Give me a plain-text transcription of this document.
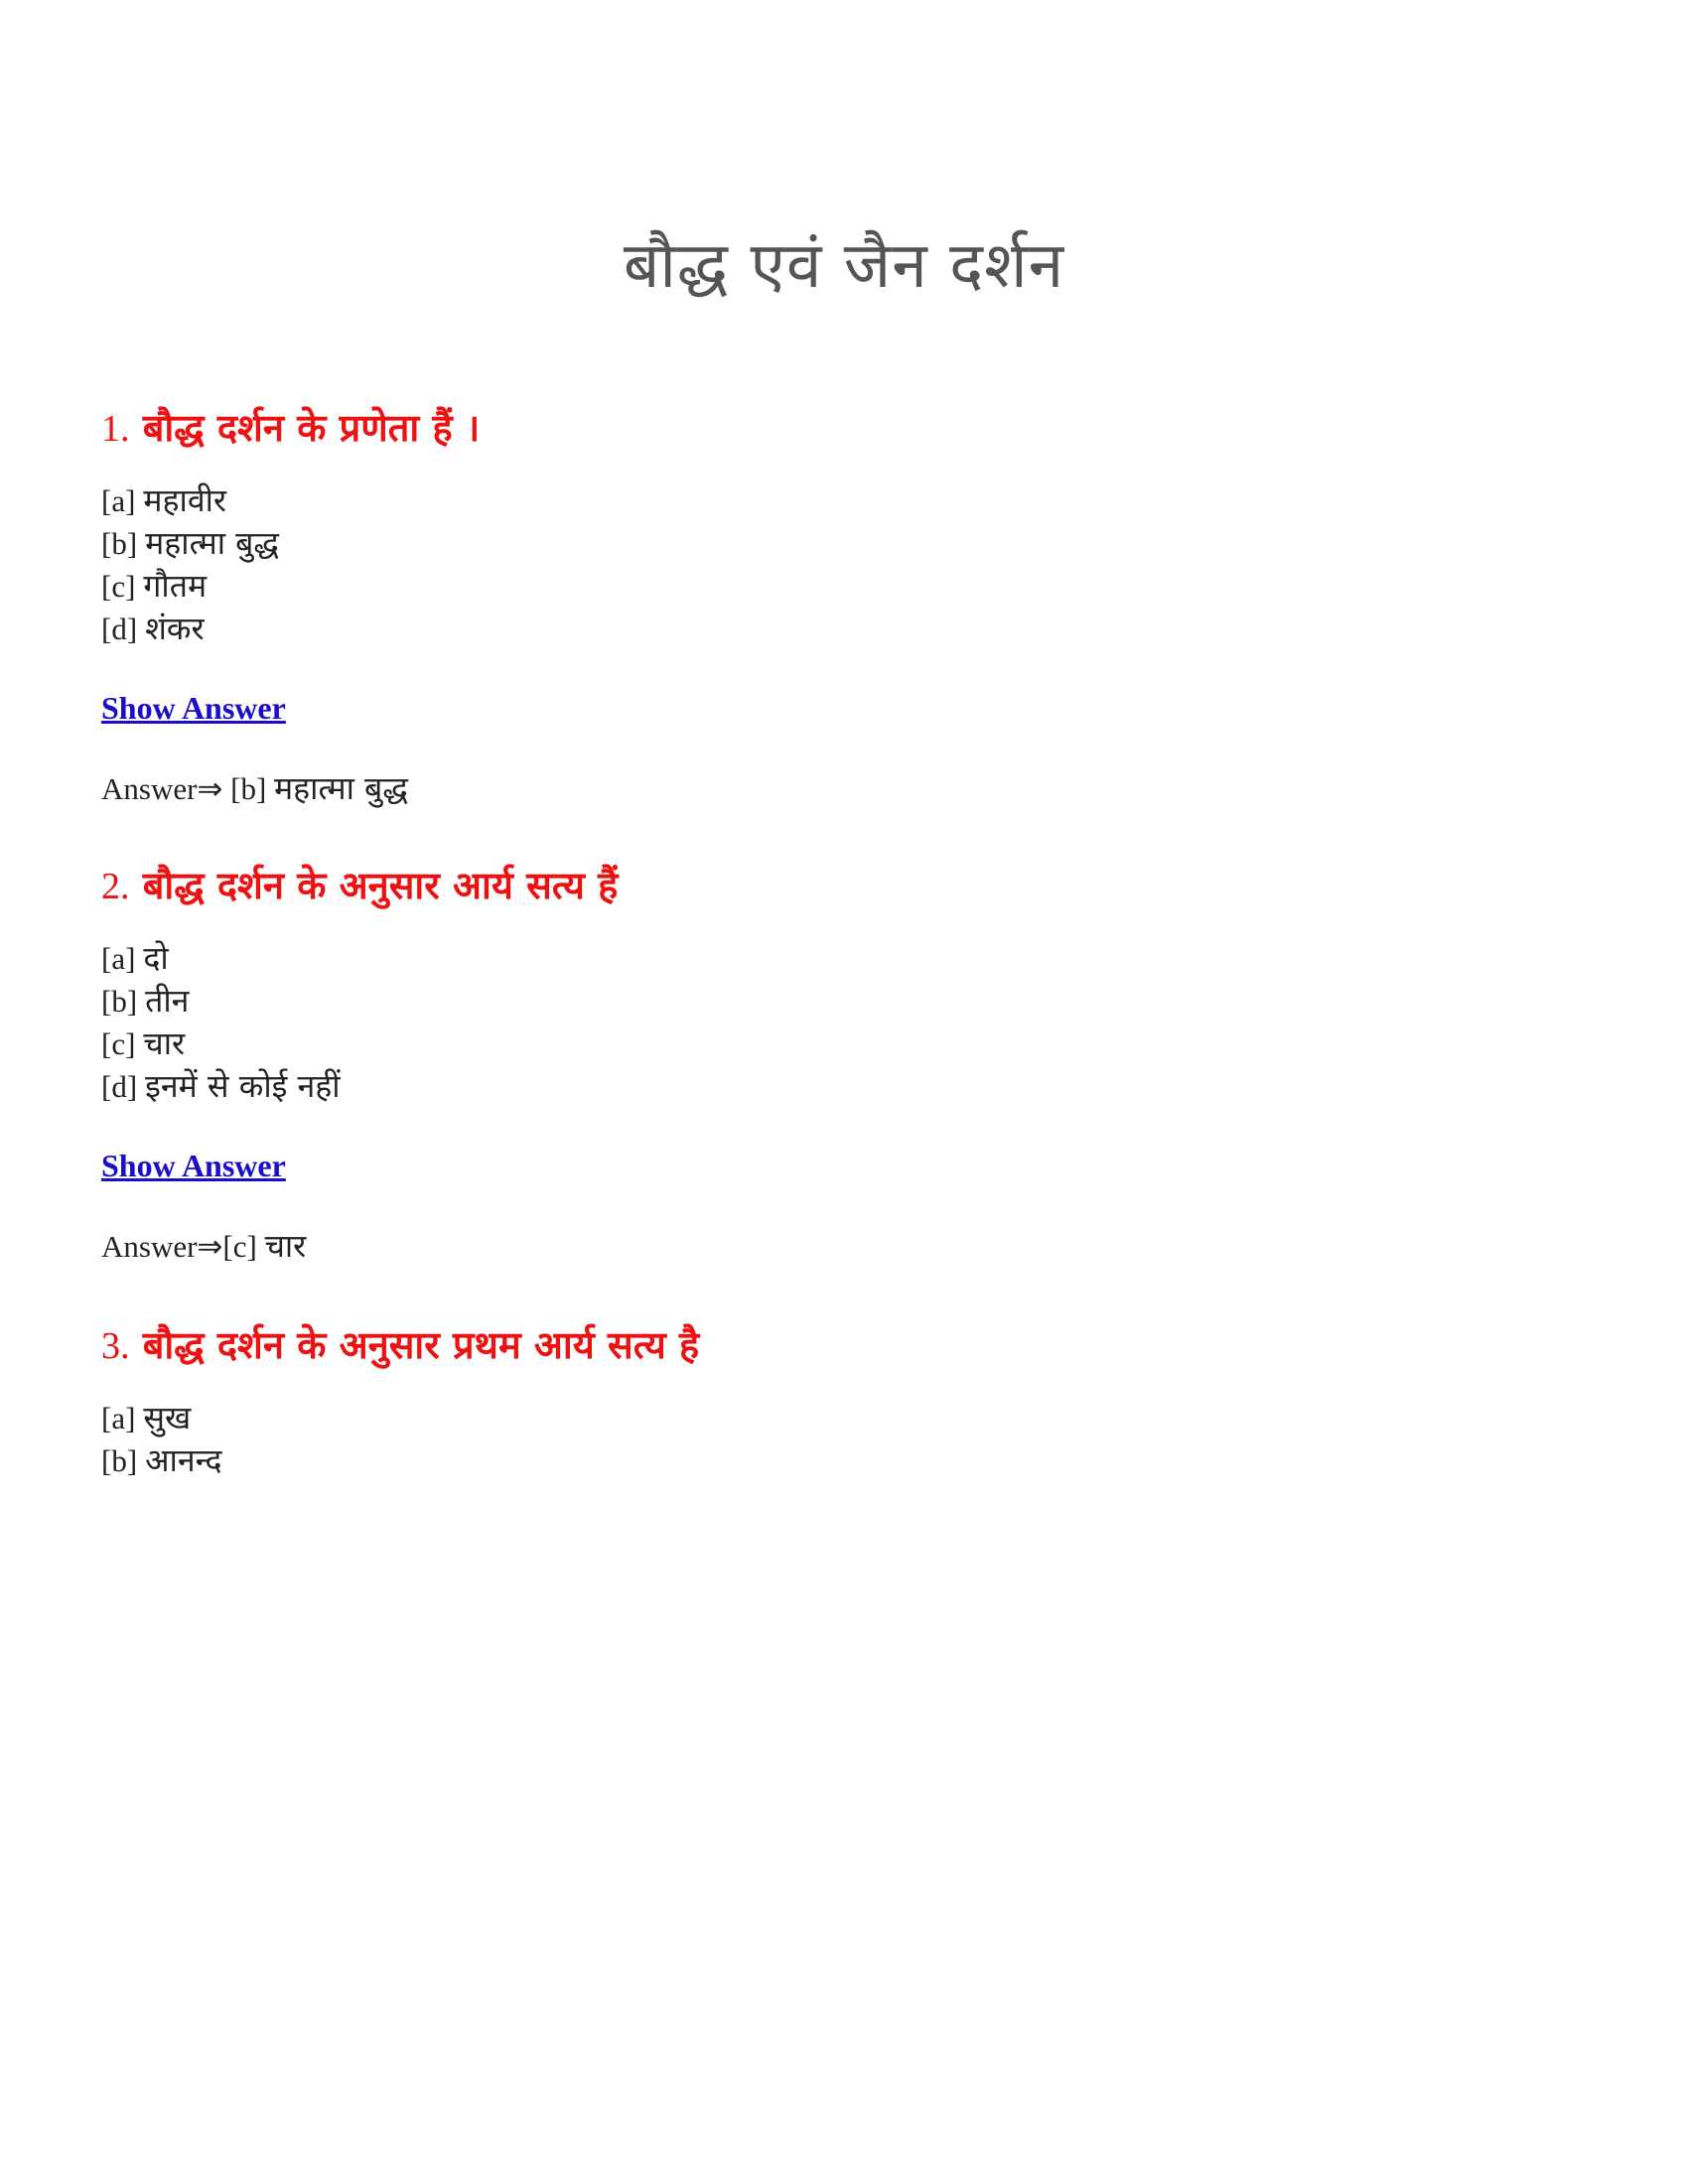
बौद्ध एवं जैन दर्शन
1. बौद्ध दर्शन के प्रणेता हैं ।
[a] महावीर
[b] महात्मा बुद्ध
[c] गौतम
[d] शंकर
Show Answer
Answer⇒ [b] महात्मा बुद्ध
2. बौद्ध दर्शन के अनुसार आर्य सत्य हैं
[a] दो
[b] तीन
[c] चार
[d] इनमें से कोई नहीं
Show Answer
Answer⇒[c] चार
3. बौद्ध दर्शन के अनुसार प्रथम आर्य सत्य है
[a] सुख
[b] आनन्द
